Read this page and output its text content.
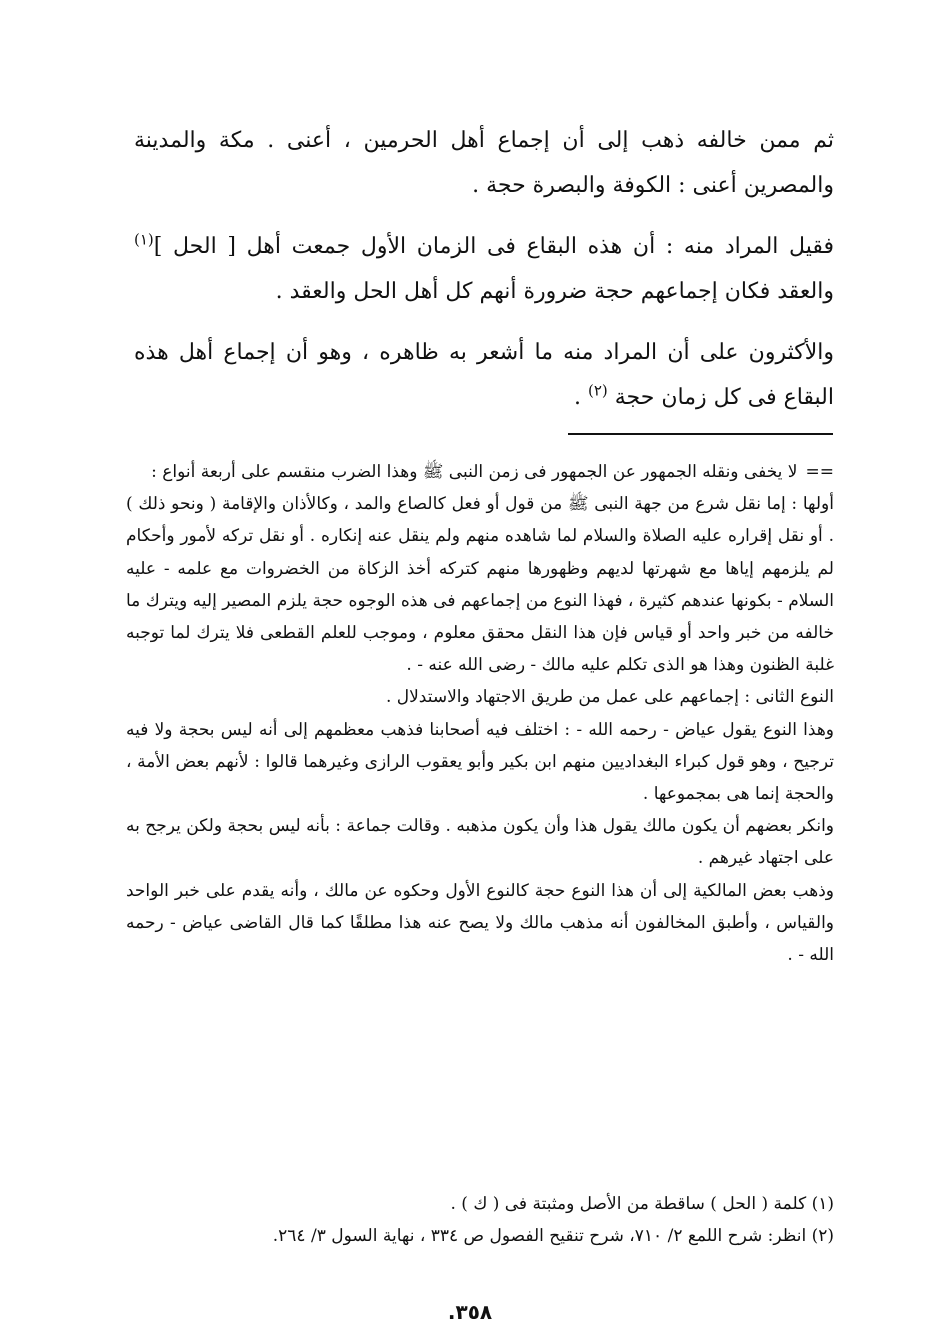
ثم ممن خالفه ذهب إلى أن إجماع أهل الحرمين ، أعنى . مكة والمدينة والمصرين أعنى : الكوفة والبصرة حجة .

فقيل المراد منه : أن هذه البقاع فى الزمان الأول جمعت أهل [ الحل ]$^{(١)}$ والعقد فكان إجماعهم حجة ضرورة أنهم كل أهل الحل والعقد .

والأكثرون على أن المراد منه ما أشعر به ظاهره ، وهو أن إجماع أهل هذه البقاع فى كل زمان حجة $^{(٢)}$ .

==لا يخفى ونقله الجمهور عن الجمهور فى زمن النبى ﷺ وهذا الضرب منقسم على أربعة أنواع :

أولها : إما نقل شرع من جهة النبى ﷺ من قول أو فعل كالصاع والمد ، وكالأذان والإقامة ( ونحو ذلك ) . أو نقل إقراره عليه الصلاة والسلام لما شاهده منهم ولم ينقل عنه إنكاره . أو نقل تركه لأمور وأحكام لم يلزمهم إياها مع شهرتها لديهم وظهورها منهم كتركه أخذ الزكاة من الخضروات مع علمه - عليه السلام - بكونها عندهم كثيرة ، فهذا النوع من إجماعهم فى هذه الوجوه حجة يلزم المصير إليه ويترك ما خالفه من خبر واحد أو قياس فإن هذا النقل محقق معلوم ، وموجب للعلم القطعى فلا يترك لما توجبه غلبة الظنون وهذا هو الذى تكلم عليه مالك - رضى الله عنه - .

النوع الثانى : إجماعهم على عمل من طريق الاجتهاد والاستدلال .

وهذا النوع يقول عياض - رحمه الله - : اختلف فيه أصحابنا فذهب معظمهم إلى أنه ليس بحجة ولا فيه ترجيح ، وهو قول كبراء البغداديين منهم ابن بكير وأبو يعقوب الرازى وغيرهما قالوا : لأنهم بعض الأمة ، والحجة إنما هى بمجموعها .

وانكر بعضهم أن يكون مالك يقول هذا وأن يكون مذهبه . وقالت جماعة : بأنه ليس بحجة ولكن يرجح به على اجتهاد غيرهم .

وذهب بعض المالكية إلى أن هذا النوع حجة كالنوع الأول وحكوه عن مالك ، وأنه يقدم على خبر الواحد والقياس ، وأطبق المخالفون أنه مذهب مالك ولا يصح عنه هذا مطلقًا كما قال القاضى عياض - رحمه الله - .

(١) كلمة ( الحل ) ساقطة من الأصل ومثبتة فى ( ك ) .

(٢) انظر: شرح اللمع ٢/ ٧١٠، شرح تنقيح الفصول ص ٣٣٤ ، نهاية السول ٣/ ٢٦٤.

٣٥٨.
